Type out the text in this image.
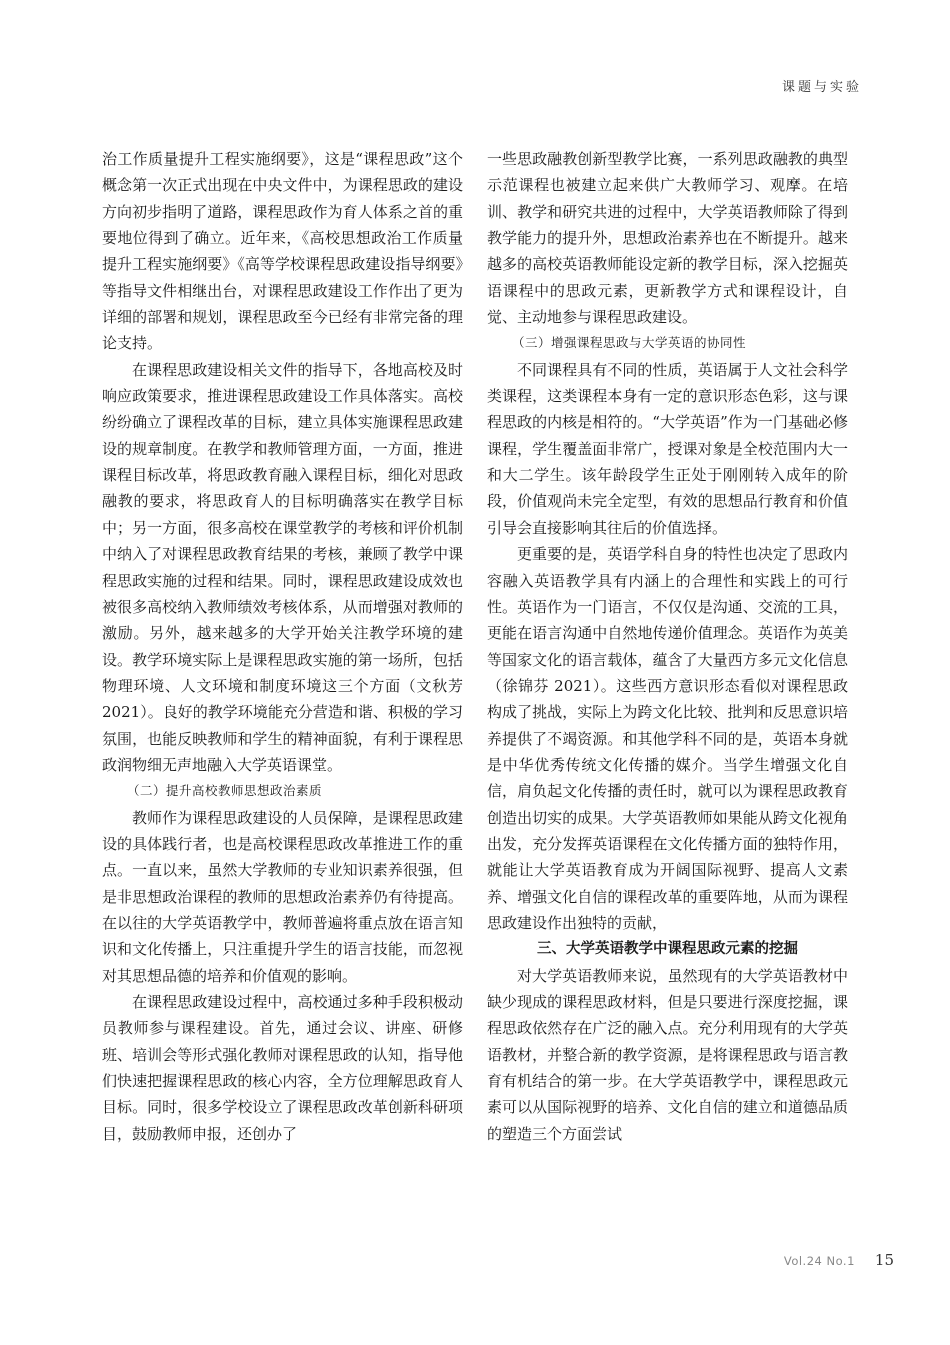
课题与实验

治工作质量提升工程实施纲要》，这是“课程思政”这个概念第一次正式出现在中央文件中，为课程思政的建设方向初步指明了道路，课程思政作为育人体系之首的重要地位得到了确立。近年来，《高校思想政治工作质量提升工程实施纲要》《高等学校课程思政建设指导纲要》等指导文件相继出台，对课程思政建设工作作出了更为详细的部署和规划，课程思政至今已经有非常完备的理论支持。

在课程思政建设相关文件的指导下，各地高校及时响应政策要求，推进课程思政建设工作具体落实。高校纷纷确立了课程改革的目标，建立具体实施课程思政建设的规章制度。在教学和教师管理方面，一方面，推进课程目标改革，将思政教育融入课程目标，细化对思政融教的要求，将思政育人的目标明确落实在教学目标中；另一方面，很多高校在课堂教学的考核和评价机制中纳入了对课程思政教育结果的考核，兼顾了教学中课程思政实施的过程和结果。同时，课程思政建设成效也被很多高校纳入教师绩效考核体系，从而增强对教师的激励。另外，越来越多的大学开始关注教学环境的建设。教学环境实际上是课程思政实施的第一场所，包括物理环境、人文环境和制度环境这三个方面（文秋芳 2021）。良好的教学环境能充分营造和谐、积极的学习氛围，也能反映教师和学生的精神面貌，有利于课程思政润物细无声地融入大学英语课堂。

（二）提升高校教师思想政治素质

教师作为课程思政建设的人员保障，是课程思政建设的具体践行者，也是高校课程思政改革推进工作的重点。一直以来，虽然大学教师的专业知识素养很强，但是非思想政治课程的教师的思想政治素养仍有待提高。在以往的大学英语教学中，教师普遍将重点放在语言知识和文化传播上，只注重提升学生的语言技能，而忽视对其思想品德的培养和价值观的影响。

在课程思政建设过程中，高校通过多种手段积极动员教师参与课程建设。首先，通过会议、讲座、研修班、培训会等形式强化教师对课程思政的认知，指导他们快速把握课程思政的核心内容，全方位理解思政育人目标。同时，很多学校设立了课程思政改革创新科研项目，鼓励教师申报，还创办了

一些思政融教创新型教学比赛，一系列思政融教的典型示范课程也被建立起来供广大教师学习、观摩。在培训、教学和研究共进的过程中，大学英语教师除了得到教学能力的提升外，思想政治素养也在不断提升。越来越多的高校英语教师能设定新的教学目标，深入挖掘英语课程中的思政元素，更新教学方式和课程设计，自觉、主动地参与课程思政建设。

（三）增强课程思政与大学英语的协同性

不同课程具有不同的性质，英语属于人文社会科学类课程，这类课程本身有一定的意识形态色彩，这与课程思政的内核是相符的。“大学英语”作为一门基础必修课程，学生覆盖面非常广，授课对象是全校范围内大一和大二学生。该年龄段学生正处于刚刚转入成年的阶段，价值观尚未完全定型，有效的思想品行教育和价值引导会直接影响其往后的价值选择。

更重要的是，英语学科自身的特性也决定了思政内容融入英语教学具有内涵上的合理性和实践上的可行性。英语作为一门语言，不仅仅是沟通、交流的工具，更能在语言沟通中自然地传递价值理念。英语作为英美等国家文化的语言载体，蕴含了大量西方多元文化信息（徐锦芬 2021）。这些西方意识形态看似对课程思政构成了挑战，实际上为跨文化比较、批判和反思意识培养提供了不竭资源。和其他学科不同的是，英语本身就是中华优秀传统文化传播的媒介。当学生增强文化自信，肩负起文化传播的责任时，就可以为课程思政教育创造出切实的成果。大学英语教师如果能从跨文化视角出发，充分发挥英语课程在文化传播方面的独特作用，就能让大学英语教育成为开阔国际视野、提高人文素养、增强文化自信的课程改革的重要阵地，从而为课程思政建设作出独特的贡献，

三、大学英语教学中课程思政元素的挖掘

对大学英语教师来说，虽然现有的大学英语教材中缺少现成的课程思政材料，但是只要进行深度挖掘，课程思政依然存在广泛的融入点。充分利用现有的大学英语教材，并整合新的教学资源，是将课程思政与语言教育有机结合的第一步。在大学英语教学中，课程思政元素可以从国际视野的培养、文化自信的建立和道德品质的塑造三个方面尝试

Vol.24 No.1 15
